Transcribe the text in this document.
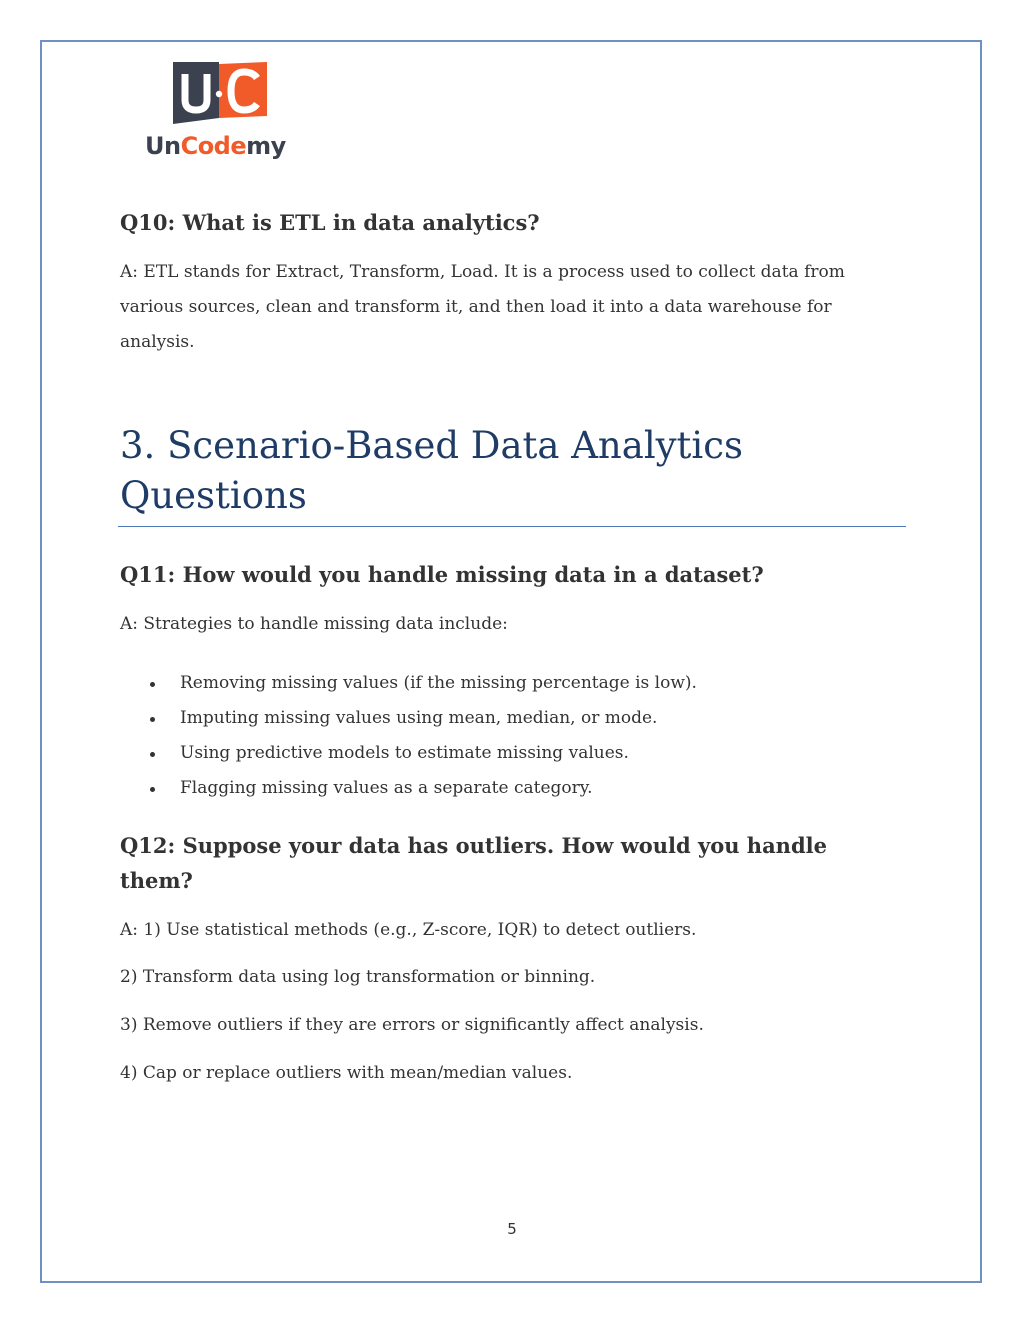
UnCodemy
Q10: What is ETL in data analytics?

A: ETL stands for Extract, Transform, Load. It is a process used to collect data from various sources, clean and transform it, and then load it into a data warehouse for analysis.

3. Scenario-Based Data Analytics Questions
Q11: How would you handle missing data in a dataset?

A: Strategies to handle missing data include:

Removing missing values (if the missing percentage is low).
Imputing missing values using mean, median, or mode.
Using predictive models to estimate missing values.
Flagging missing values as a separate category.
Q12: Suppose your data has outliers. How would you handle them?

A: 1) Use statistical methods (e.g., Z-score, IQR) to detect outliers.

2) Transform data using log transformation or binning.

3) Remove outliers if they are errors or significantly affect analysis.

4) Cap or replace outliers with mean/median values.

5
